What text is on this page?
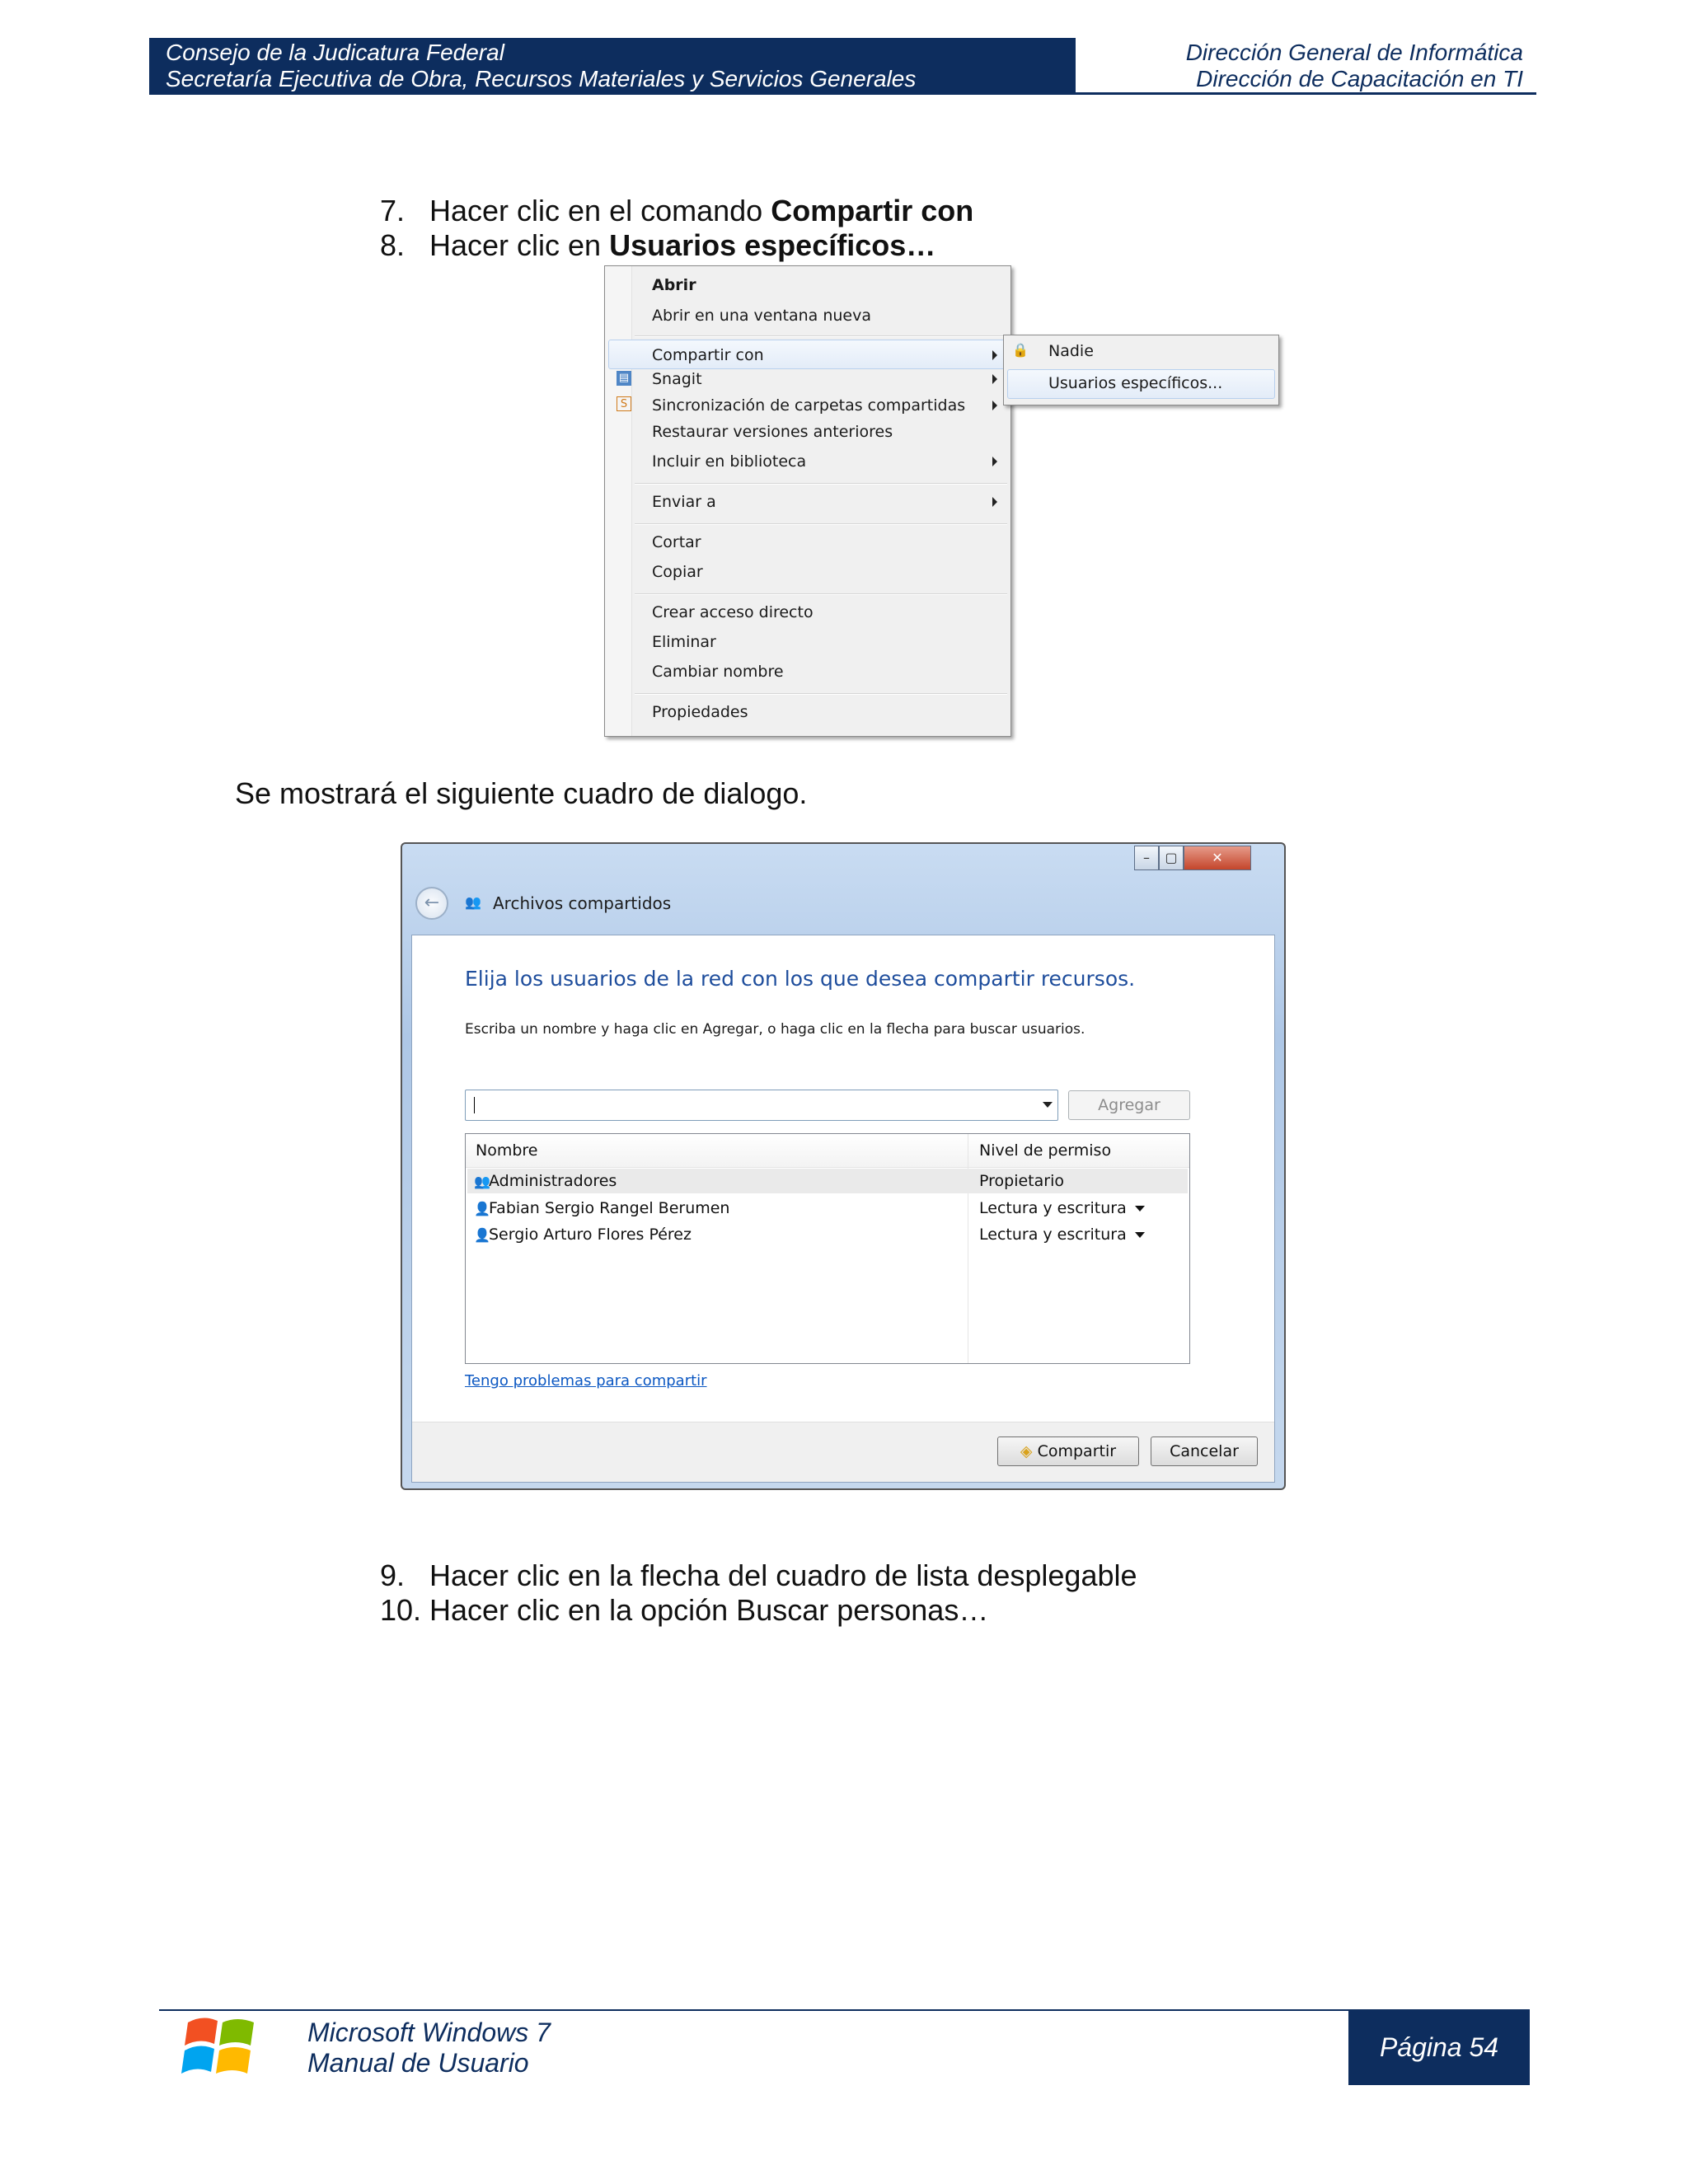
Consejo de la Judicatura Federal
Secretaría Ejecutiva de Obra, Recursos Materiales y Servicios Generales
Dirección General de Informática
Dirección de Capacitación en TI
7. Hacer clic en el comando Compartir con
8. Hacer clic en Usuarios específicos…
Abrir
Abrir en una ventana nueva
Compartir con
▤ Snagit
S Sincronización de carpetas compartidas
Restaurar versiones anteriores
Incluir en biblioteca
Enviar a
Cortar
Copiar
Crear acceso directo
Eliminar
Cambiar nombre
Propiedades
🔒 Nadie
Usuarios específicos...
Se mostrará el siguiente cuadro de dialogo.
–	▢	✕
←	👥 Archivos compartidos
Elija los usuarios de la red con los que desea compartir recursos.
Escriba un nombre y haga clic en Agregar, o haga clic en la flecha para buscar usuarios.
Agregar
Nombre	Nivel de permiso
👥Administradores	Propietario
👤Fabian Sergio Rangel Berumen	Lectura y escritura
👤Sergio Arturo Flores Pérez	Lectura y escritura
Tengo problemas para compartir
◈ Compartir	Cancelar
9. Hacer clic en la flecha del cuadro de lista desplegable
10. Hacer clic en la opción Buscar personas…
Microsoft Windows 7
Manual de Usuario
Página 54
